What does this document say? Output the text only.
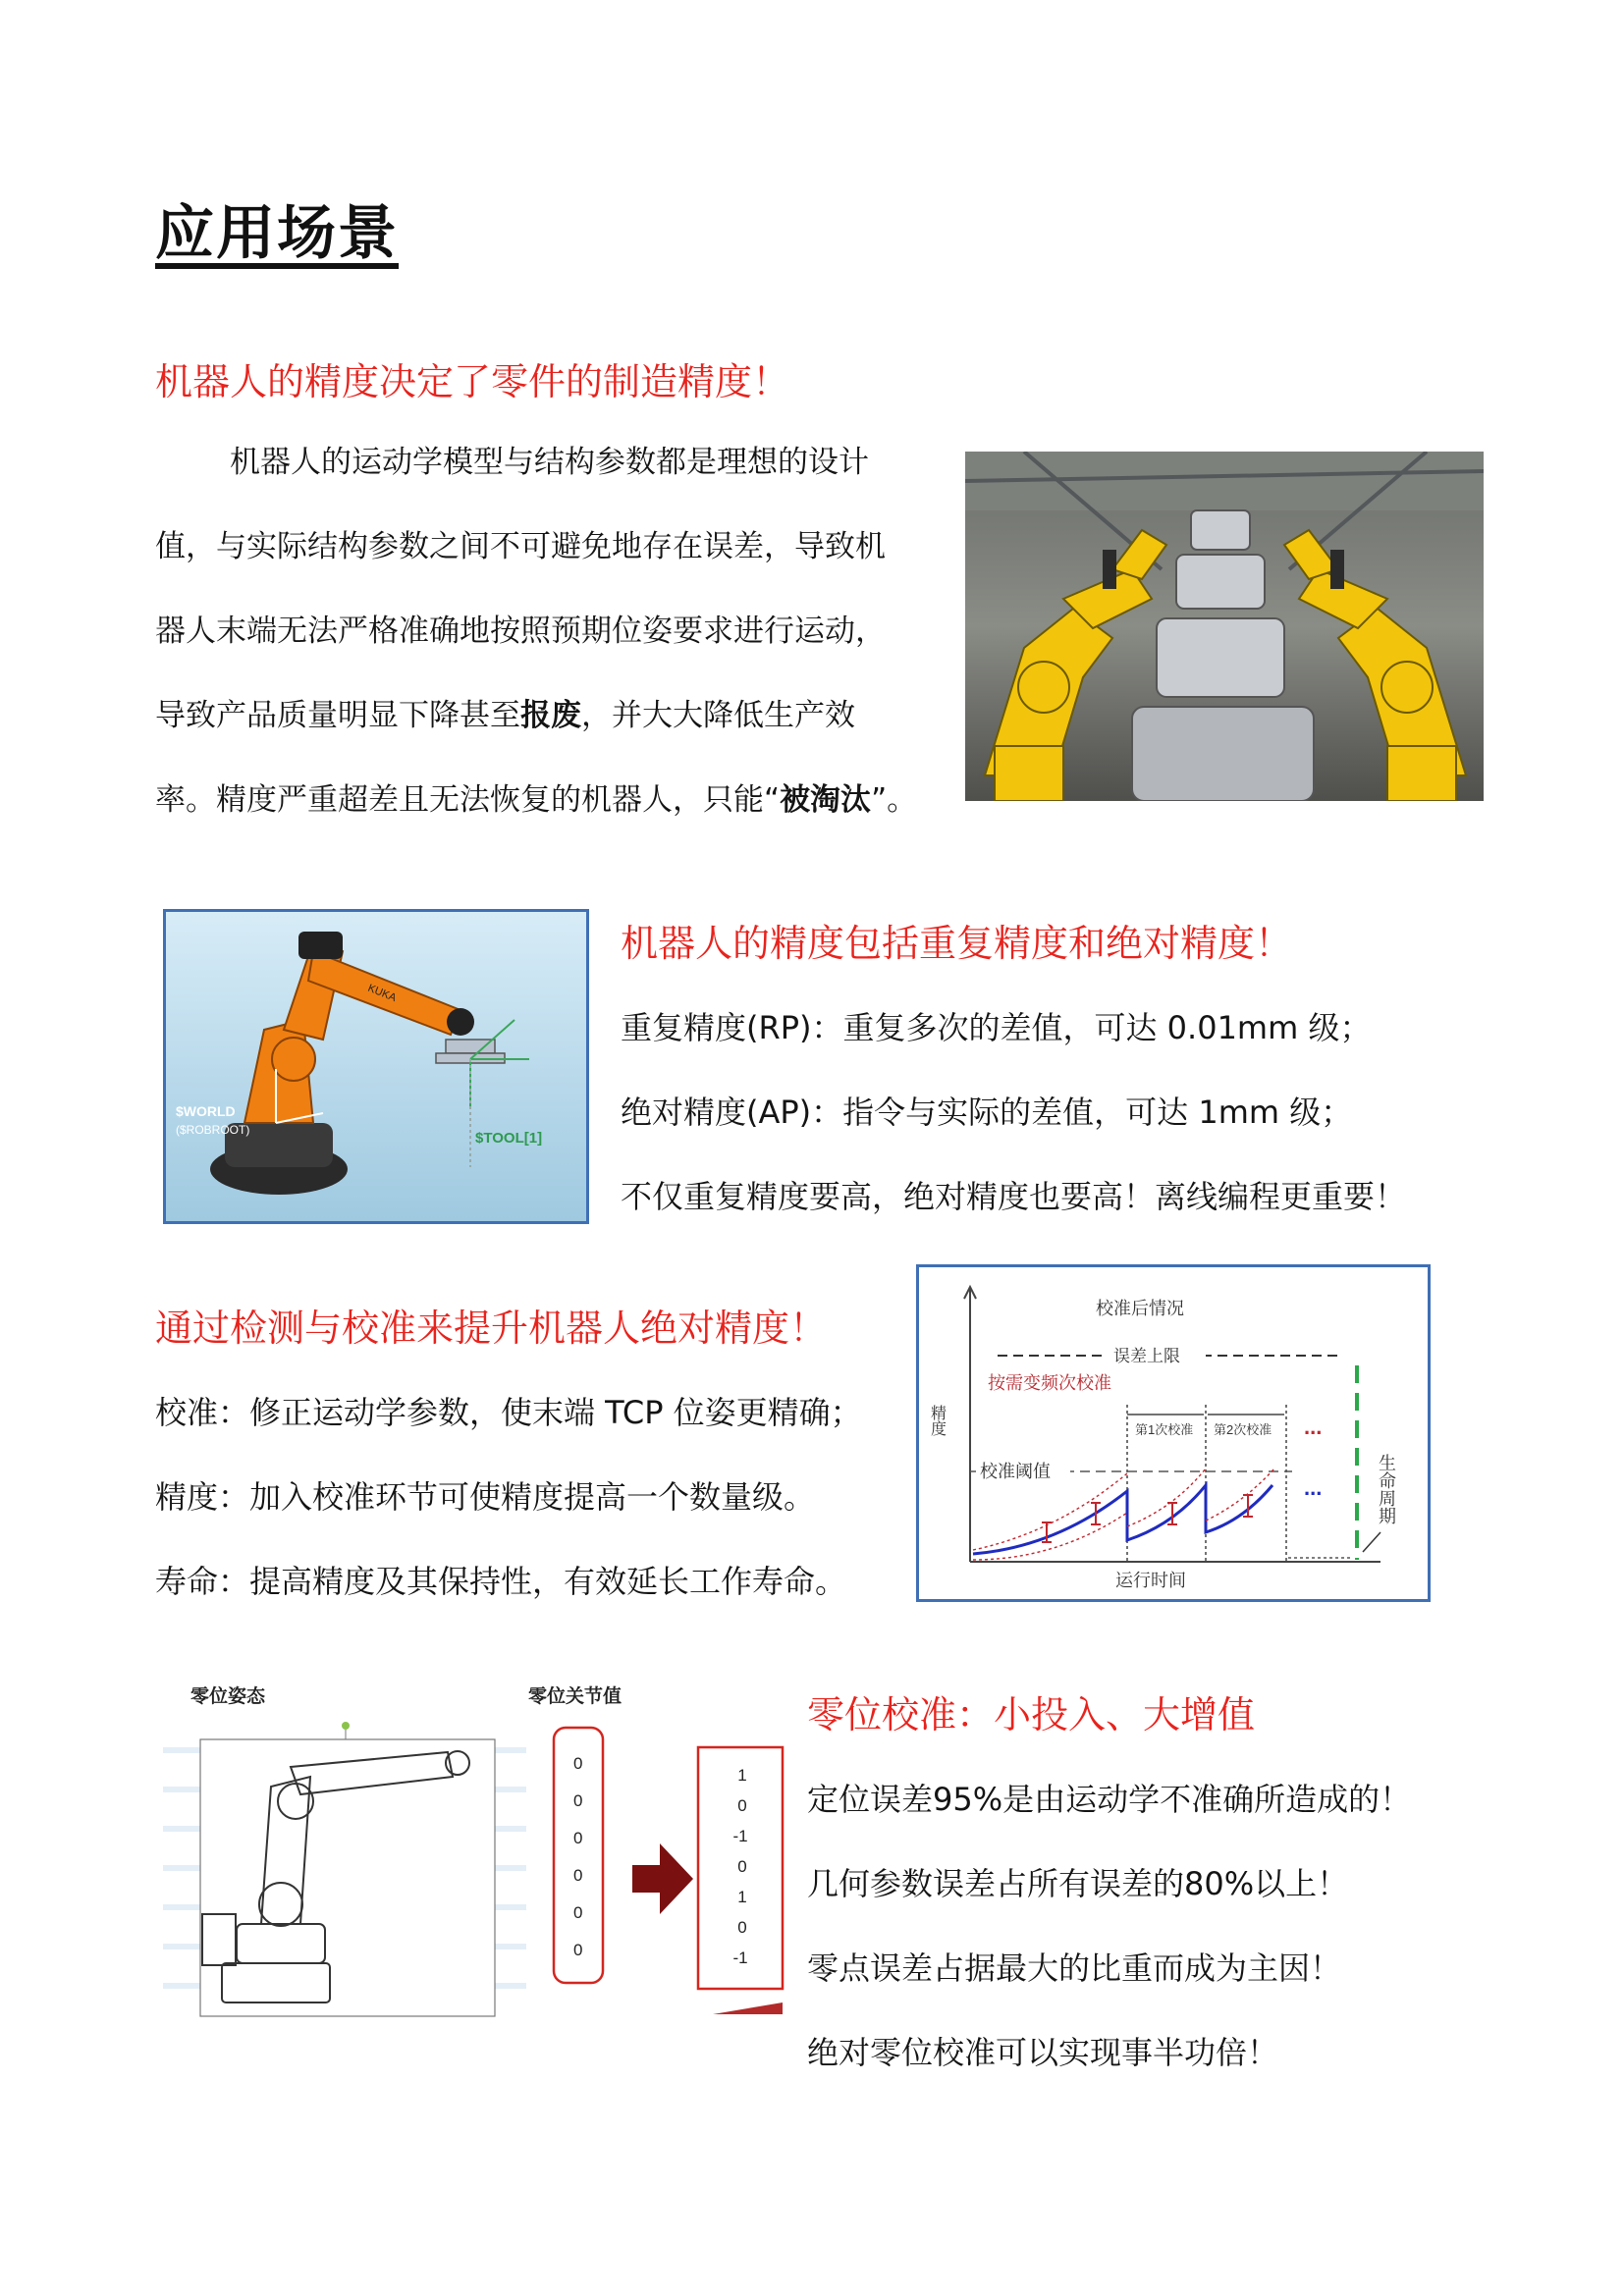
应用场景
机器人的精度决定了零件的制造精度！
机器人的运动学模型与结构参数都是理想的设计
值，与实际结构参数之间不可避免地存在误差，导致机
器人末端无法严格准确地按照预期位姿要求进行运动，
导致产品质量明显下降甚至报废，并大大降低生产效
率。精度严重超差且无法恢复的机器人，只能“被淘汰”。
$WORLD
($ROBROOT)	$TOOL[1]
KUKA
机器人的精度包括重复精度和绝对精度！
重复精度(RP)：重复多次的差值，可达 0.01mm 级；
绝对精度(AP)：指令与实际的差值，可达 1mm 级；
不仅重复精度要高，绝对精度也要高！离线编程更重要！
通过检测与校准来提升机器人绝对精度！
校准：修正运动学参数，使末端 TCP 位姿更精确；
精度：加入校准环节可使精度提高一个数量级。
寿命：提高精度及其保持性，有效延长工作寿命。
校准后情况
误差上限
按需变频次校准
精度	第1次校准 第2次校准 ...
校准阈值
...	生命周期
运行时间
零位姿态	零位关节值
0
0
0
0
0
0
1
0
-1
0
1
0
-1
零位校准：小投入、大增值
定位误差95%是由运动学不准确所造成的！
几何参数误差占所有误差的80%以上！
零点误差占据最大的比重而成为主因！
绝对零位校准可以实现事半功倍！
